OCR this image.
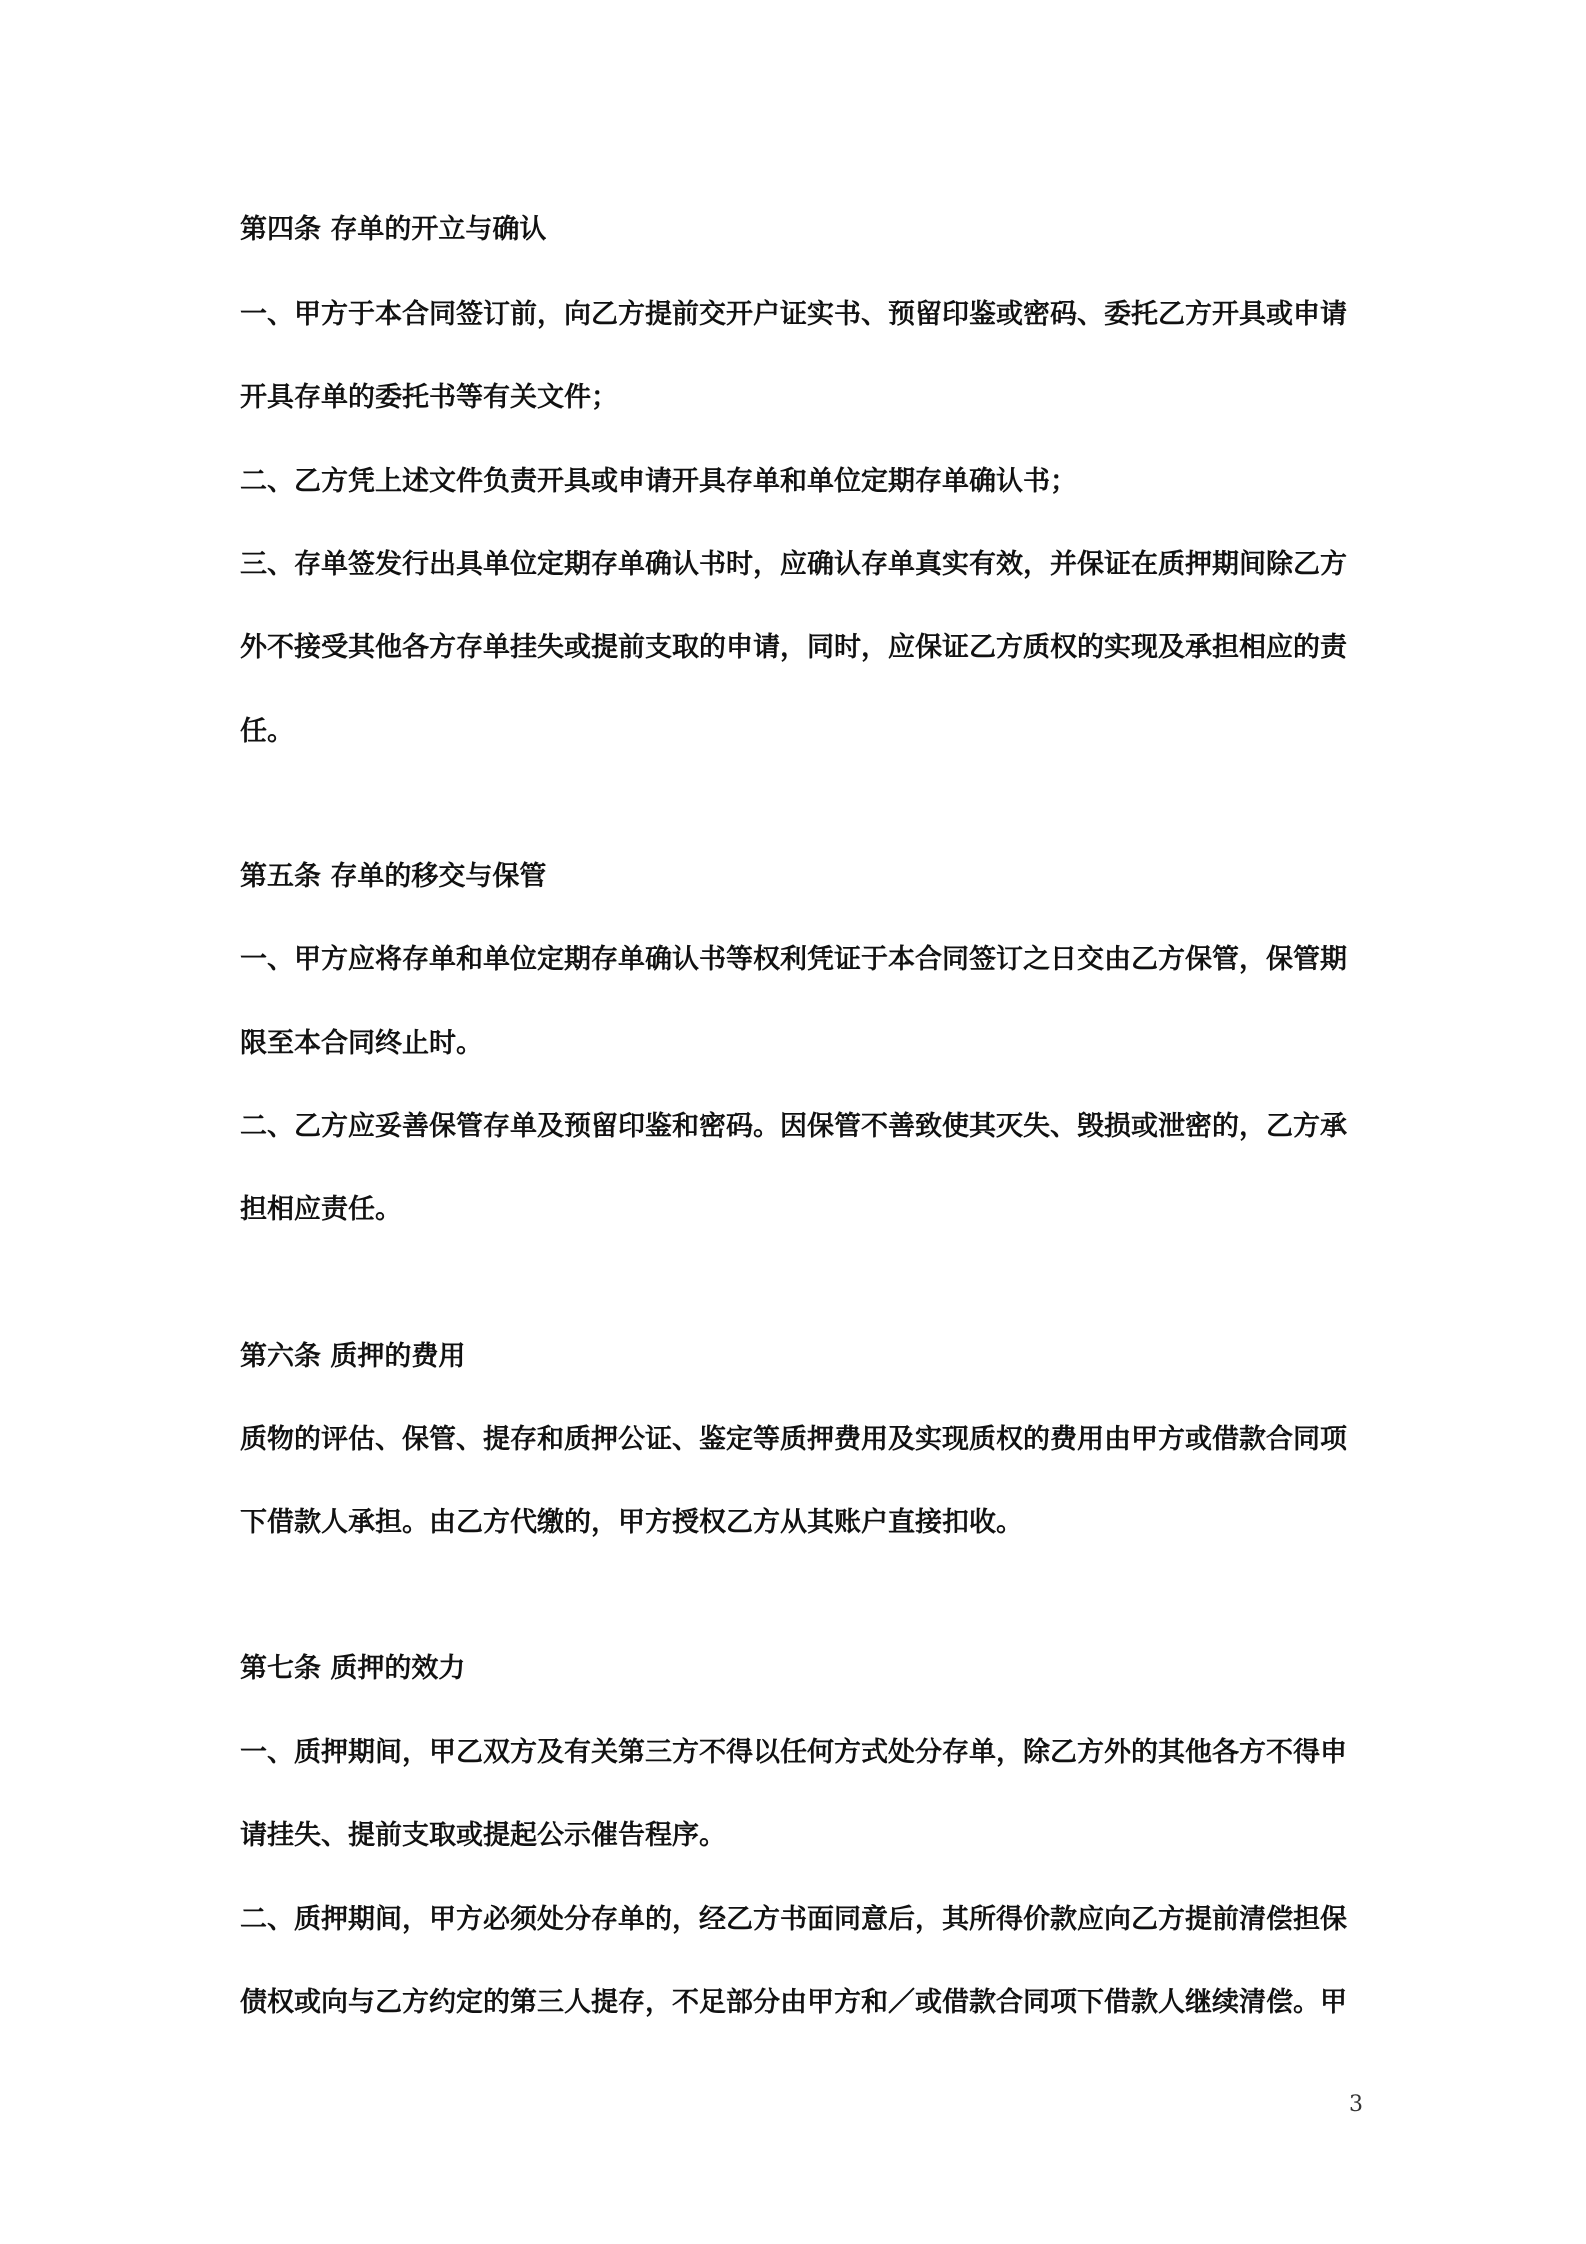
第四条 存单的开立与确认
一、甲方于本合同签订前，向乙方提前交开户证实书、预留印鉴或密码、委托乙方开具或申请
开具存单的委托书等有关文件；
二、乙方凭上述文件负责开具或申请开具存单和单位定期存单确认书；
三、存单签发行出具单位定期存单确认书时，应确认存单真实有效，并保证在质押期间除乙方
外不接受其他各方存单挂失或提前支取的申请，同时，应保证乙方质权的实现及承担相应的责
任。
第五条 存单的移交与保管
一、甲方应将存单和单位定期存单确认书等权利凭证于本合同签订之日交由乙方保管，保管期
限至本合同终止时。
二、乙方应妥善保管存单及预留印鉴和密码。因保管不善致使其灭失、毁损或泄密的，乙方承
担相应责任。
第六条 质押的费用
质物的评估、保管、提存和质押公证、鉴定等质押费用及实现质权的费用由甲方或借款合同项
下借款人承担。由乙方代缴的，甲方授权乙方从其账户直接扣收。
第七条 质押的效力
一、质押期间，甲乙双方及有关第三方不得以任何方式处分存单，除乙方外的其他各方不得申
请挂失、提前支取或提起公示催告程序。
二、质押期间，甲方必须处分存单的，经乙方书面同意后，其所得价款应向乙方提前清偿担保
债权或向与乙方约定的第三人提存，不足部分由甲方和／或借款合同项下借款人继续清偿。甲
3
